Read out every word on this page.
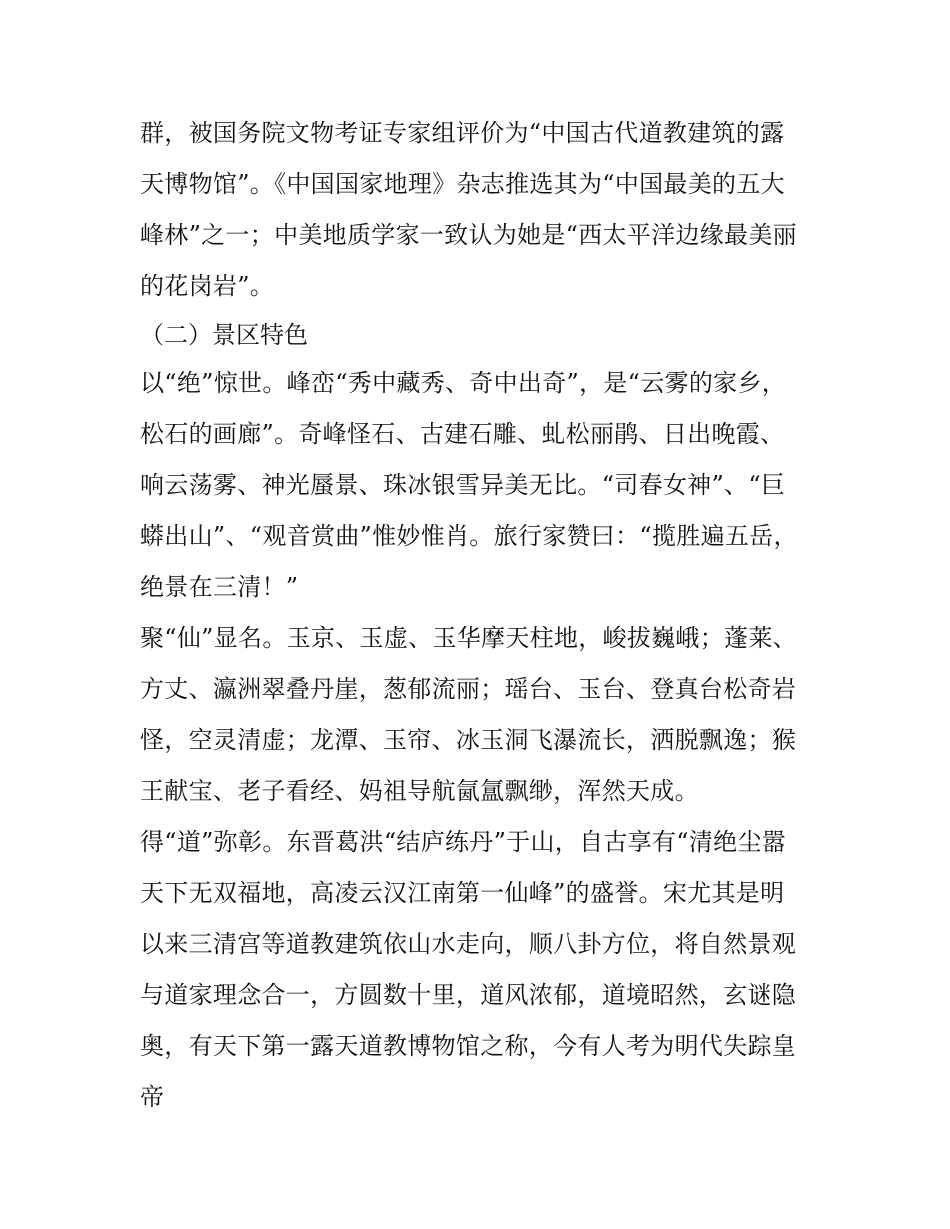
群，被国务院文物考证专家组评价为“中国古代道教建筑的露
天博物馆”。《中国国家地理》杂志推选其为“中国最美的五大
峰林”之一；中美地质学家一致认为她是“西太平洋边缘最美丽
的花岗岩”。
（二）景区特色
以“绝”惊世。峰峦“秀中藏秀、奇中出奇”，是“云雾的家乡，
松石的画廊”。奇峰怪石、古建石雕、虬松丽鹃、日出晚霞、
响云荡雾、神光蜃景、珠冰银雪异美无比。“司春女神”、“巨
蟒出山”、“观音赏曲”惟妙惟肖。旅行家赞曰：“揽胜遍五岳，
绝景在三清！”
聚“仙”显名。玉京、玉虚、玉华摩天柱地，峻拔巍峨；蓬莱、
方丈、瀛洲翠叠丹崖，葱郁流丽；瑶台、玉台、登真台松奇岩
怪，空灵清虚；龙潭、玉帘、冰玉洞飞瀑流长，洒脱飘逸；猴
王献宝、老子看经、妈祖导航氤氲飘缈，浑然天成。
得“道”弥彰。东晋葛洪“结庐练丹”于山，自古享有“清绝尘嚣
天下无双福地，高凌云汉江南第一仙峰”的盛誉。宋尤其是明
以来三清宫等道教建筑依山水走向，顺八卦方位，将自然景观
与道家理念合一，方圆数十里，道风浓郁，道境昭然，玄谜隐
奥，有天下第一露天道教博物馆之称，今有人考为明代失踪皇
帝
